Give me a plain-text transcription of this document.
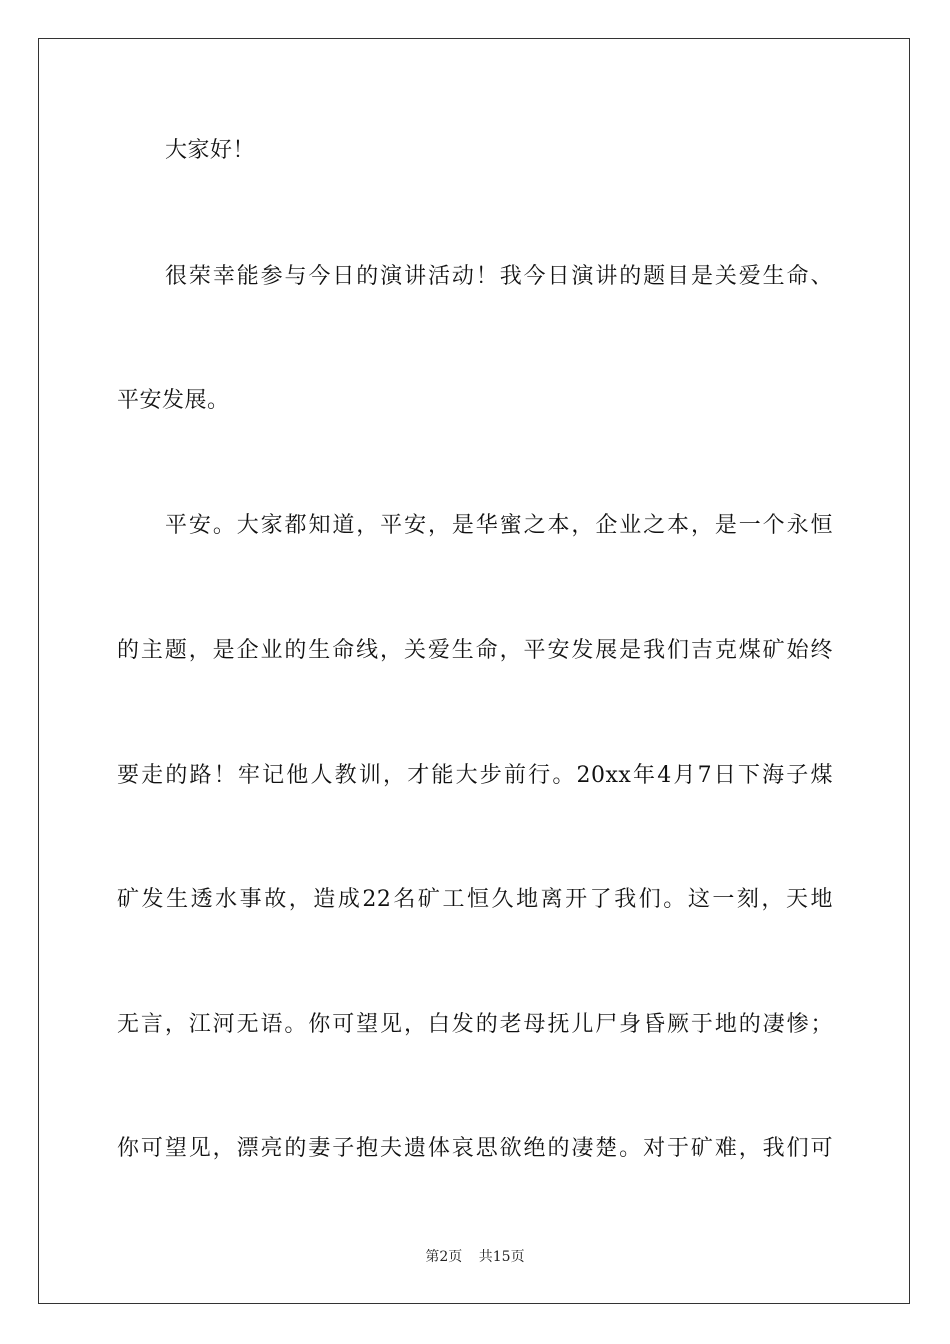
大家好！
很荣幸能参与今日的演讲活动！我今日演讲的题目是关爱生命、
平安发展。
平安。大家都知道，平安，是华蜜之本，企业之本，是一个永恒
的主题，是企业的生命线，关爱生命，平安发展是我们吉克煤矿始终
要走的路！牢记他人教训，才能大步前行。20xx年4月7日下海子煤
矿发生透水事故，造成22名矿工恒久地离开了我们。这一刻，天地
无言，江河无语。你可望见，白发的老母抚儿尸身昏厥于地的凄惨；
你可望见，漂亮的妻子抱夫遗体哀思欲绝的凄楚。对于矿难，我们可
第2页 共15页
